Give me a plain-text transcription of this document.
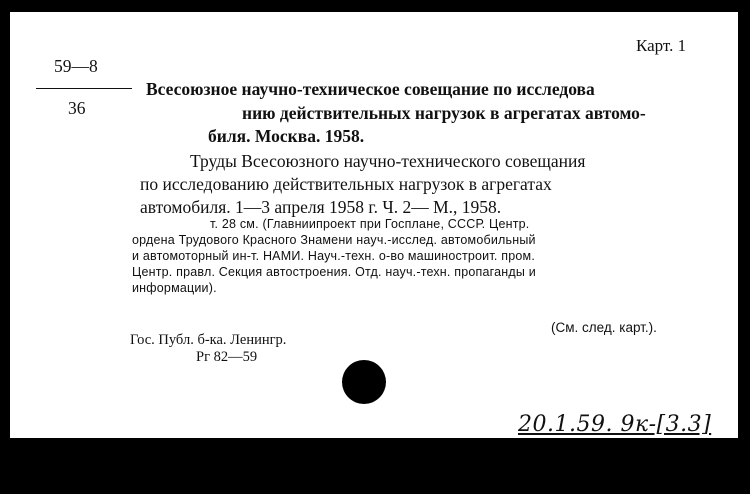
Карт. 1
59—8
36
Всесоюзное научно-техническое совещание по исследова
нию действительных нагрузок в агрегатах автомо-
биля. Москва. 1958.
Труды Всесоюзного научно-технического совещания
по исследованию действительных нагрузок в агрегатах
автомобиля. 1—3 апреля 1958 г. Ч. 2— М., 1958.
т. 28 см. (Главниипроект при Госплане, СССР. Центр.
ордена Трудового Красного Знамени науч.-исслед. автомобильный
и автомоторный ин-т. НАМИ. Науч.-техн. о-во машиностроит. пром.
Центр. правл. Секция автостроения. Отд. науч.-техн. пропаганды и
информации).
(См. след. карт.).
Гос. Публ. б-ка. Ленингр.
Рг 82—59
20.1.59. 9к-[3.3]
